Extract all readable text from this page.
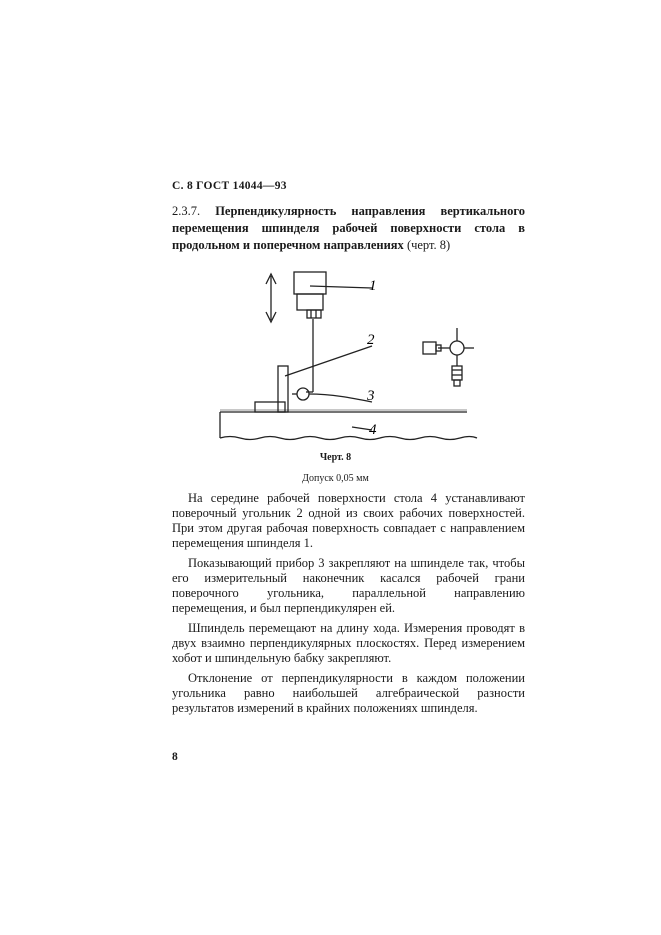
С. 8 ГОСТ 14044—93
2.3.7. Перпендикулярность направления вертикального перемещения шпинделя рабочей поверхности стола в продольном и поперечном направлениях (черт. 8)
1
2
3
4
Черт. 8
Допуск 0,05 мм

На середине рабочей поверхности стола 4 устанавливают поверочный угольник 2 одной из своих рабочих поверхностей. При этом другая рабочая поверхность совпадает с направлением перемещения шпинделя 1.

Показывающий прибор 3 закрепляют на шпинделе так, чтобы его измерительный наконечник касался рабочей грани поверочного угольника, параллельной направлению перемещения, и был перпендикулярен ей.

Шпиндель перемещают на длину хода. Измерения проводят в двух взаимно перпендикулярных плоскостях. Перед измерением хобот и шпиндельную бабку закрепляют.

Отклонение от перпендикулярности в каждом положении угольника равно наибольшей алгебраической разности результатов измерений в крайних положениях шпинделя.

8
